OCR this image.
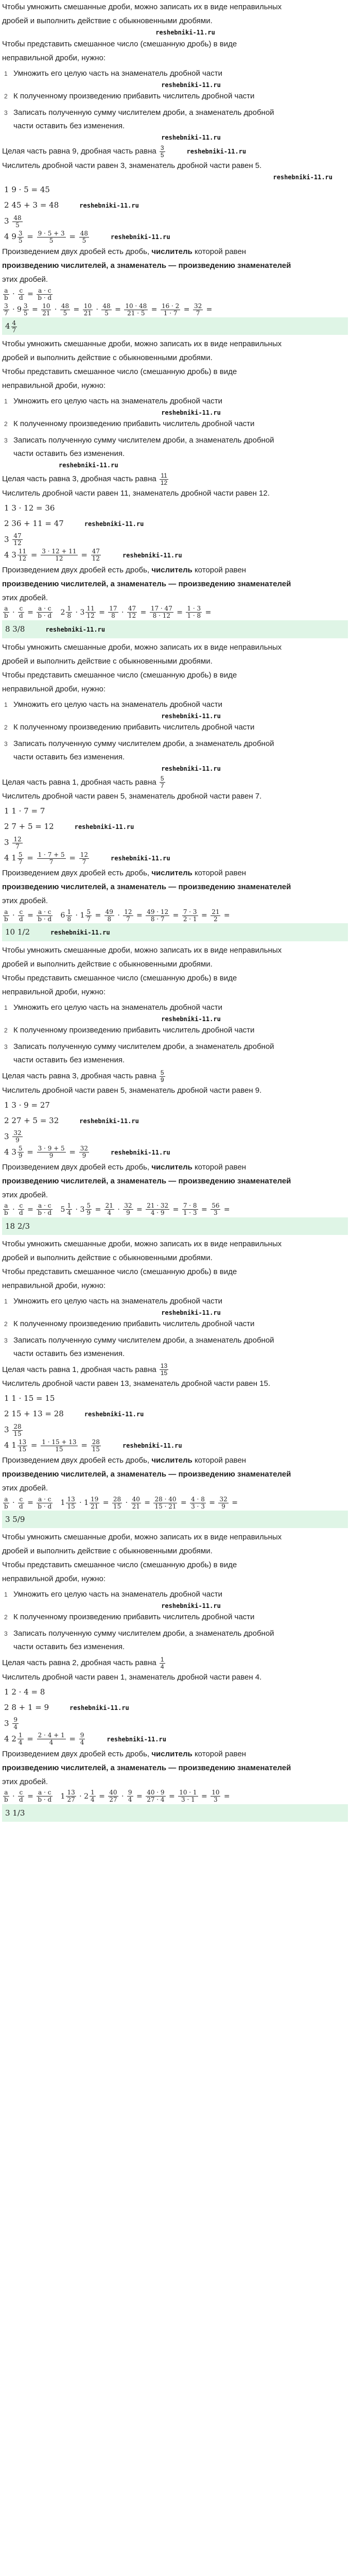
Чтобы умножить смешанные дроби, можно записать их в виде неправильных

дробей и выполнить действие с обыкновенными дробями.

reshebniki-11.ru

Чтобы представить смешанное число (смешанную дробь) в виде

неправильной дроби, нужно:

1 Умножить его целую часть на знаменатель дробной части
reshebniki-11.ru
2 К полученному произведению прибавить числитель дробной части
3 Записать полученную сумму числителем дроби, а знаменатель дробной
части оставить без изменения.
reshebniki-11.ru

Целая часть равна 9, дробная часть равна $\frac{3}{5}$	reshebniki-11.ru

Числитель дробной части равен 3, знаменатель дробной части равен 5.

reshebniki-11.ru
1 9 · 5 = 45
2 45 + 3 = 48	reshebniki-11.ru
$3 \frac{48}{5}$
4 $9 \frac{3}{5} = \frac{9 \cdot 5 + 3}{5} = \frac{48}{5}$	reshebniki-11.ru

Произведением двух дробей есть дробь, числитель которой равен

произведению числителей, а знаменатель — произведению знаменателей

этих дробей.

$\frac{a}{b} \cdot \frac{c}{d} = \frac{a \cdot c}{b \cdot d}$
$\frac{3}{7} \cdot 9 \frac{3}{5} = \frac{10}{21} \cdot \frac{48}{5} = \frac{10}{21} \cdot \frac{48}{5} = \frac{10 \cdot 48}{21 \cdot 5} = \frac{16 \cdot 2}{1 \cdot 7} = \frac{32}{7}$ =
$4 \frac{4}{7}$

Чтобы умножить смешанные дроби, можно записать их в виде неправильных

дробей и выполнить действие с обыкновенными дробями.

Чтобы представить смешанное число (смешанную дробь) в виде

неправильной дроби, нужно:

1 Умножить его целую часть на знаменатель дробной части
reshebniki-11.ru
2 К полученному произведению прибавить числитель дробной части
3 Записать полученную сумму числителем дроби, а знаменатель дробной
части оставить без изменения.
reshebniki-11.ru

Целая часть равна 3, дробная часть равна $\frac{11}{12}$

Числитель дробной части равен 11, знаменатель дробной части равен 12.

1 3 · 12 = 36
2 36 + 11 = 47	reshebniki-11.ru
$3 \frac{47}{12}$
4 $3 \frac{11}{12} = \frac{3 \cdot 12 + 11}{12} = \frac{47}{12}$	reshebniki-11.ru

Произведением двух дробей есть дробь, числитель которой равен

произведению числителей, а знаменатель — произведению знаменателей

этих дробей.

$\frac{a}{b} \cdot \frac{c}{d} = \frac{a \cdot c}{b \cdot d} 2 \frac{1}{8} \cdot 3 \frac{11}{12} = \frac{17}{8} \cdot \frac{47}{12} = \frac{17 \cdot 47}{8 \cdot 12} = \frac{1 \cdot 3}{1 \cdot 8}$ =
8 3/8	reshebniki-11.ru

Чтобы умножить смешанные дроби, можно записать их в виде неправильных

дробей и выполнить действие с обыкновенными дробями.

Чтобы представить смешанное число (смешанную дробь) в виде

неправильной дроби, нужно:

1 Умножить его целую часть на знаменатель дробной части
reshebniki-11.ru
2 К полученному произведению прибавить числитель дробной части
3 Записать полученную сумму числителем дроби, а знаменатель дробной
части оставить без изменения.
reshebniki-11.ru

Целая часть равна 1, дробная часть равна $\frac{5}{7}$

Числитель дробной части равен 5, знаменатель дробной части равен 7.

1 1 · 7 = 7
2 7 + 5 = 12	reshebniki-11.ru
$3 \frac{12}{7}$
4 $1 \frac{5}{7} = \frac{1 \cdot 7 + 5}{7} = \frac{12}{7}$	reshebniki-11.ru

Произведением двух дробей есть дробь, числитель которой равен

произведению числителей, а знаменатель — произведению знаменателей

этих дробей.

$\frac{a}{b} \cdot \frac{c}{d} = \frac{a \cdot c}{b \cdot d} 6 \frac{1}{8} \cdot 1 \frac{5}{7} = \frac{49}{8} \cdot \frac{12}{7} = \frac{49 \cdot 12}{8 \cdot 7} = \frac{7 \cdot 3}{2 \cdot 1} = \frac{21}{2}$ =
10 1/2	reshebniki-11.ru

Чтобы умножить смешанные дроби, можно записать их в виде неправильных

дробей и выполнить действие с обыкновенными дробями.

Чтобы представить смешанное число (смешанную дробь) в виде

неправильной дроби, нужно:

1 Умножить его целую часть на знаменатель дробной части
reshebniki-11.ru
2 К полученному произведению прибавить числитель дробной части
3 Записать полученную сумму числителем дроби, а знаменатель дробной
части оставить без изменения.

Целая часть равна 3, дробная часть равна $\frac{5}{9}$

Числитель дробной части равен 5, знаменатель дробной части равен 9.

1 3 · 9 = 27
2 27 + 5 = 32	reshebniki-11.ru
$3 \frac{32}{9}$
4 $3 \frac{5}{9} = \frac{3 \cdot 9 + 5}{9} = \frac{32}{9}$	reshebniki-11.ru

Произведением двух дробей есть дробь, числитель которой равен

произведению числителей, а знаменатель — произведению знаменателей

этих дробей.

$\frac{a}{b} \cdot \frac{c}{d} = \frac{a \cdot c}{b \cdot d} 5 \frac{1}{4} \cdot 3 \frac{5}{9} = \frac{21}{4} \cdot \frac{32}{9} = \frac{21 \cdot 32}{4 \cdot 9} = \frac{7 \cdot 8}{1 \cdot 3} = \frac{56}{3}$ =
18 2/3

Чтобы умножить смешанные дроби, можно записать их в виде неправильных

дробей и выполнить действие с обыкновенными дробями.

Чтобы представить смешанное число (смешанную дробь) в виде

неправильной дроби, нужно:

1 Умножить его целую часть на знаменатель дробной части
reshebniki-11.ru
2 К полученному произведению прибавить числитель дробной части
3 Записать полученную сумму числителем дроби, а знаменатель дробной
части оставить без изменения.

Целая часть равна 1, дробная часть равна $\frac{13}{15}$

Числитель дробной части равен 13, знаменатель дробной части равен 15.

1 1 · 15 = 15
2 15 + 13 = 28	reshebniki-11.ru
$3 \frac{28}{15}$
4 $1 \frac{13}{15} = \frac{1 \cdot 15 + 13}{15} = \frac{28}{15}$	reshebniki-11.ru

Произведением двух дробей есть дробь, числитель которой равен

произведению числителей, а знаменатель — произведению знаменателей

этих дробей.

$\frac{a}{b} \cdot \frac{c}{d} = \frac{a \cdot c}{b \cdot d} 1 \frac{13}{15} \cdot 1 \frac{19}{21} = \frac{28}{15} \cdot \frac{40}{21} = \frac{28 \cdot 40}{15 \cdot 21} = \frac{4 \cdot 8}{3 \cdot 3} = \frac{32}{9}$ =
3 5/9

Чтобы умножить смешанные дроби, можно записать их в виде неправильных

дробей и выполнить действие с обыкновенными дробями.

Чтобы представить смешанное число (смешанную дробь) в виде

неправильной дроби, нужно:

1 Умножить его целую часть на знаменатель дробной части
reshebniki-11.ru
2 К полученному произведению прибавить числитель дробной части
3 Записать полученную сумму числителем дроби, а знаменатель дробной
части оставить без изменения.

Целая часть равна 2, дробная часть равна $\frac{1}{4}$

Числитель дробной части равен 1, знаменатель дробной части равен 4.

1 2 · 4 = 8
2 8 + 1 = 9	reshebniki-11.ru
$3 \frac{9}{4}$
4 $2 \frac{1}{4} = \frac{2 \cdot 4 + 1}{4} = \frac{9}{4}$	reshebniki-11.ru

Произведением двух дробей есть дробь, числитель которой равен

произведению числителей, а знаменатель — произведению знаменателей

этих дробей.

$\frac{a}{b} \cdot \frac{c}{d} = \frac{a \cdot c}{b \cdot d} 1 \frac{13}{27} \cdot 2 \frac{1}{4} = \frac{40}{27} \cdot \frac{9}{4} = \frac{40 \cdot 9}{27 \cdot 4} = \frac{10 \cdot 1}{3 \cdot 1} = \frac{10}{3}$ =
3 1/3
